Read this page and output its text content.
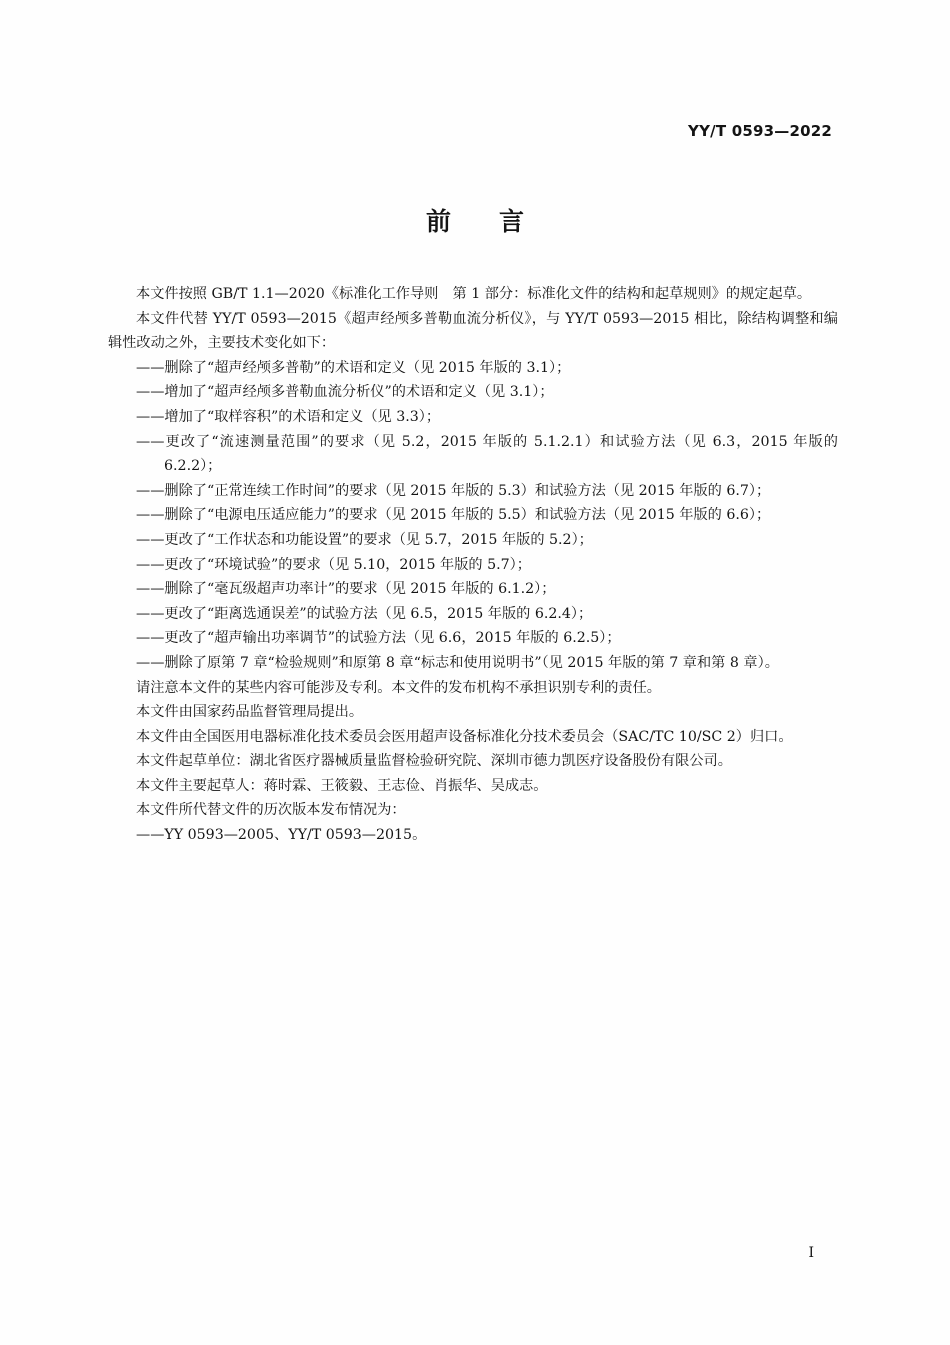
YY/T 0593—2022
前言

本文件按照 GB/T 1.1—2020《标准化工作导则　第 1 部分：标准化文件的结构和起草规则》的规定起草。

本文件代替 YY/T 0593—2015《超声经颅多普勒血流分析仪》，与 YY/T 0593—2015 相比，除结构调整和编辑性改动之外，主要技术变化如下：

——删除了“超声经颅多普勒”的术语和定义（见 2015 年版的 3.1）；

——增加了“超声经颅多普勒血流分析仪”的术语和定义（见 3.1）；

——增加了“取样容积”的术语和定义（见 3.3）；

——更改了“流速测量范围”的要求（见 5.2，2015 年版的 5.1.2.1）和试验方法（见 6.3，2015 年版的 6.2.2）；

——删除了“正常连续工作时间”的要求（见 2015 年版的 5.3）和试验方法（见 2015 年版的 6.7）；

——删除了“电源电压适应能力”的要求（见 2015 年版的 5.5）和试验方法（见 2015 年版的 6.6）；

——更改了“工作状态和功能设置”的要求（见 5.7，2015 年版的 5.2）；

——更改了“环境试验”的要求（见 5.10，2015 年版的 5.7）；

——删除了“毫瓦级超声功率计”的要求（见 2015 年版的 6.1.2）；

——更改了“距离选通误差”的试验方法（见 6.5，2015 年版的 6.2.4）；

——更改了“超声输出功率调节”的试验方法（见 6.6，2015 年版的 6.2.5）；

——删除了原第 7 章“检验规则”和原第 8 章“标志和使用说明书”（见 2015 年版的第 7 章和第 8 章）。

请注意本文件的某些内容可能涉及专利。本文件的发布机构不承担识别专利的责任。

本文件由国家药品监督管理局提出。

本文件由全国医用电器标准化技术委员会医用超声设备标准化分技术委员会（SAC/TC 10/SC 2）归口。

本文件起草单位：湖北省医疗器械质量监督检验研究院、深圳市德力凯医疗设备股份有限公司。

本文件主要起草人：蒋时霖、王筱毅、王志俭、肖振华、吴成志。

本文件所代替文件的历次版本发布情况为：

——YY 0593—2005、YY/T 0593—2015。

I
